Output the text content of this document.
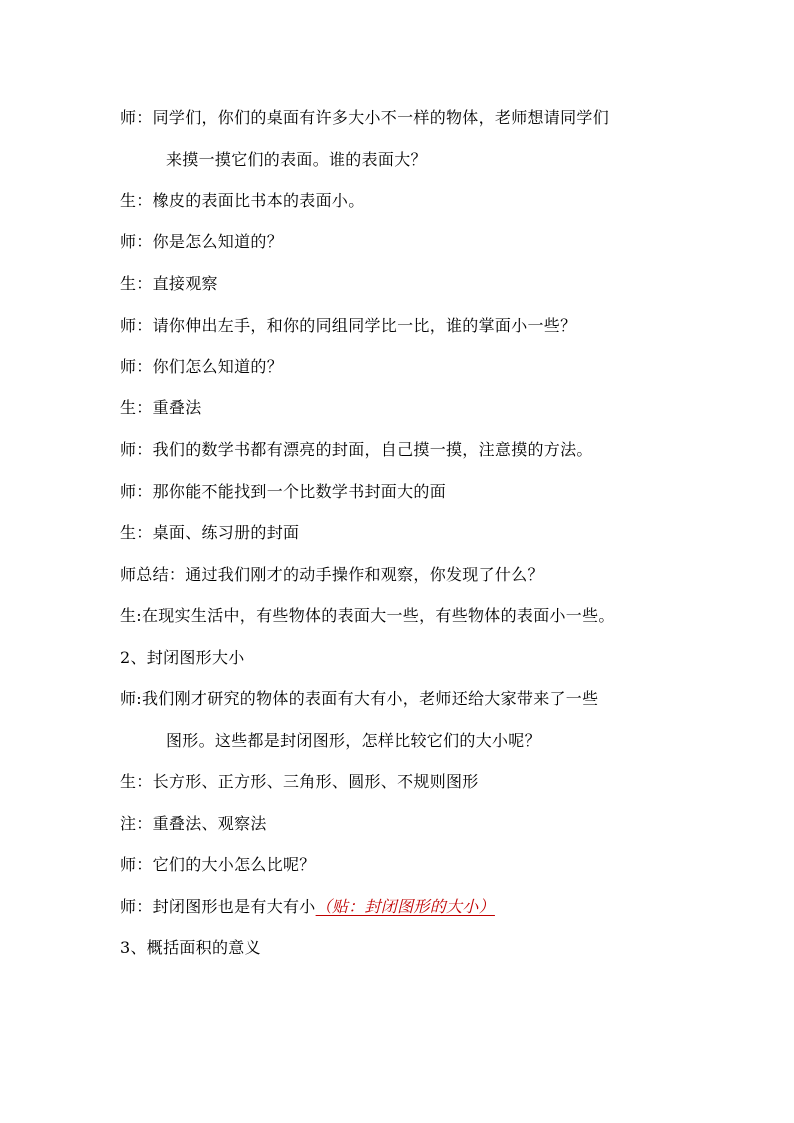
师：同学们，你们的桌面有许多大小不一样的物体，老师想请同学们
来摸一摸它们的表面。谁的表面大？
生：橡皮的表面比书本的表面小。
师：你是怎么知道的？
生：直接观察
师：请你伸出左手，和你的同组同学比一比，谁的掌面小一些？
师：你们怎么知道的？
生：重叠法
师：我们的数学书都有漂亮的封面，自己摸一摸，注意摸的方法。
师：那你能不能找到一个比数学书封面大的面
生：桌面、练习册的封面
师总结：通过我们刚才的动手操作和观察，你发现了什么？
生:在现实生活中，有些物体的表面大一些，有些物体的表面小一些。
2、封闭图形大小
师:我们刚才研究的物体的表面有大有小，老师还给大家带来了一些
图形。这些都是封闭图形，怎样比较它们的大小呢？
生：长方形、正方形、三角形、圆形、不规则图形
注：重叠法、观察法
师：它们的大小怎么比呢？
师：封闭图形也是有大有小（贴：封闭图形的大小）
3、概括面积的意义
